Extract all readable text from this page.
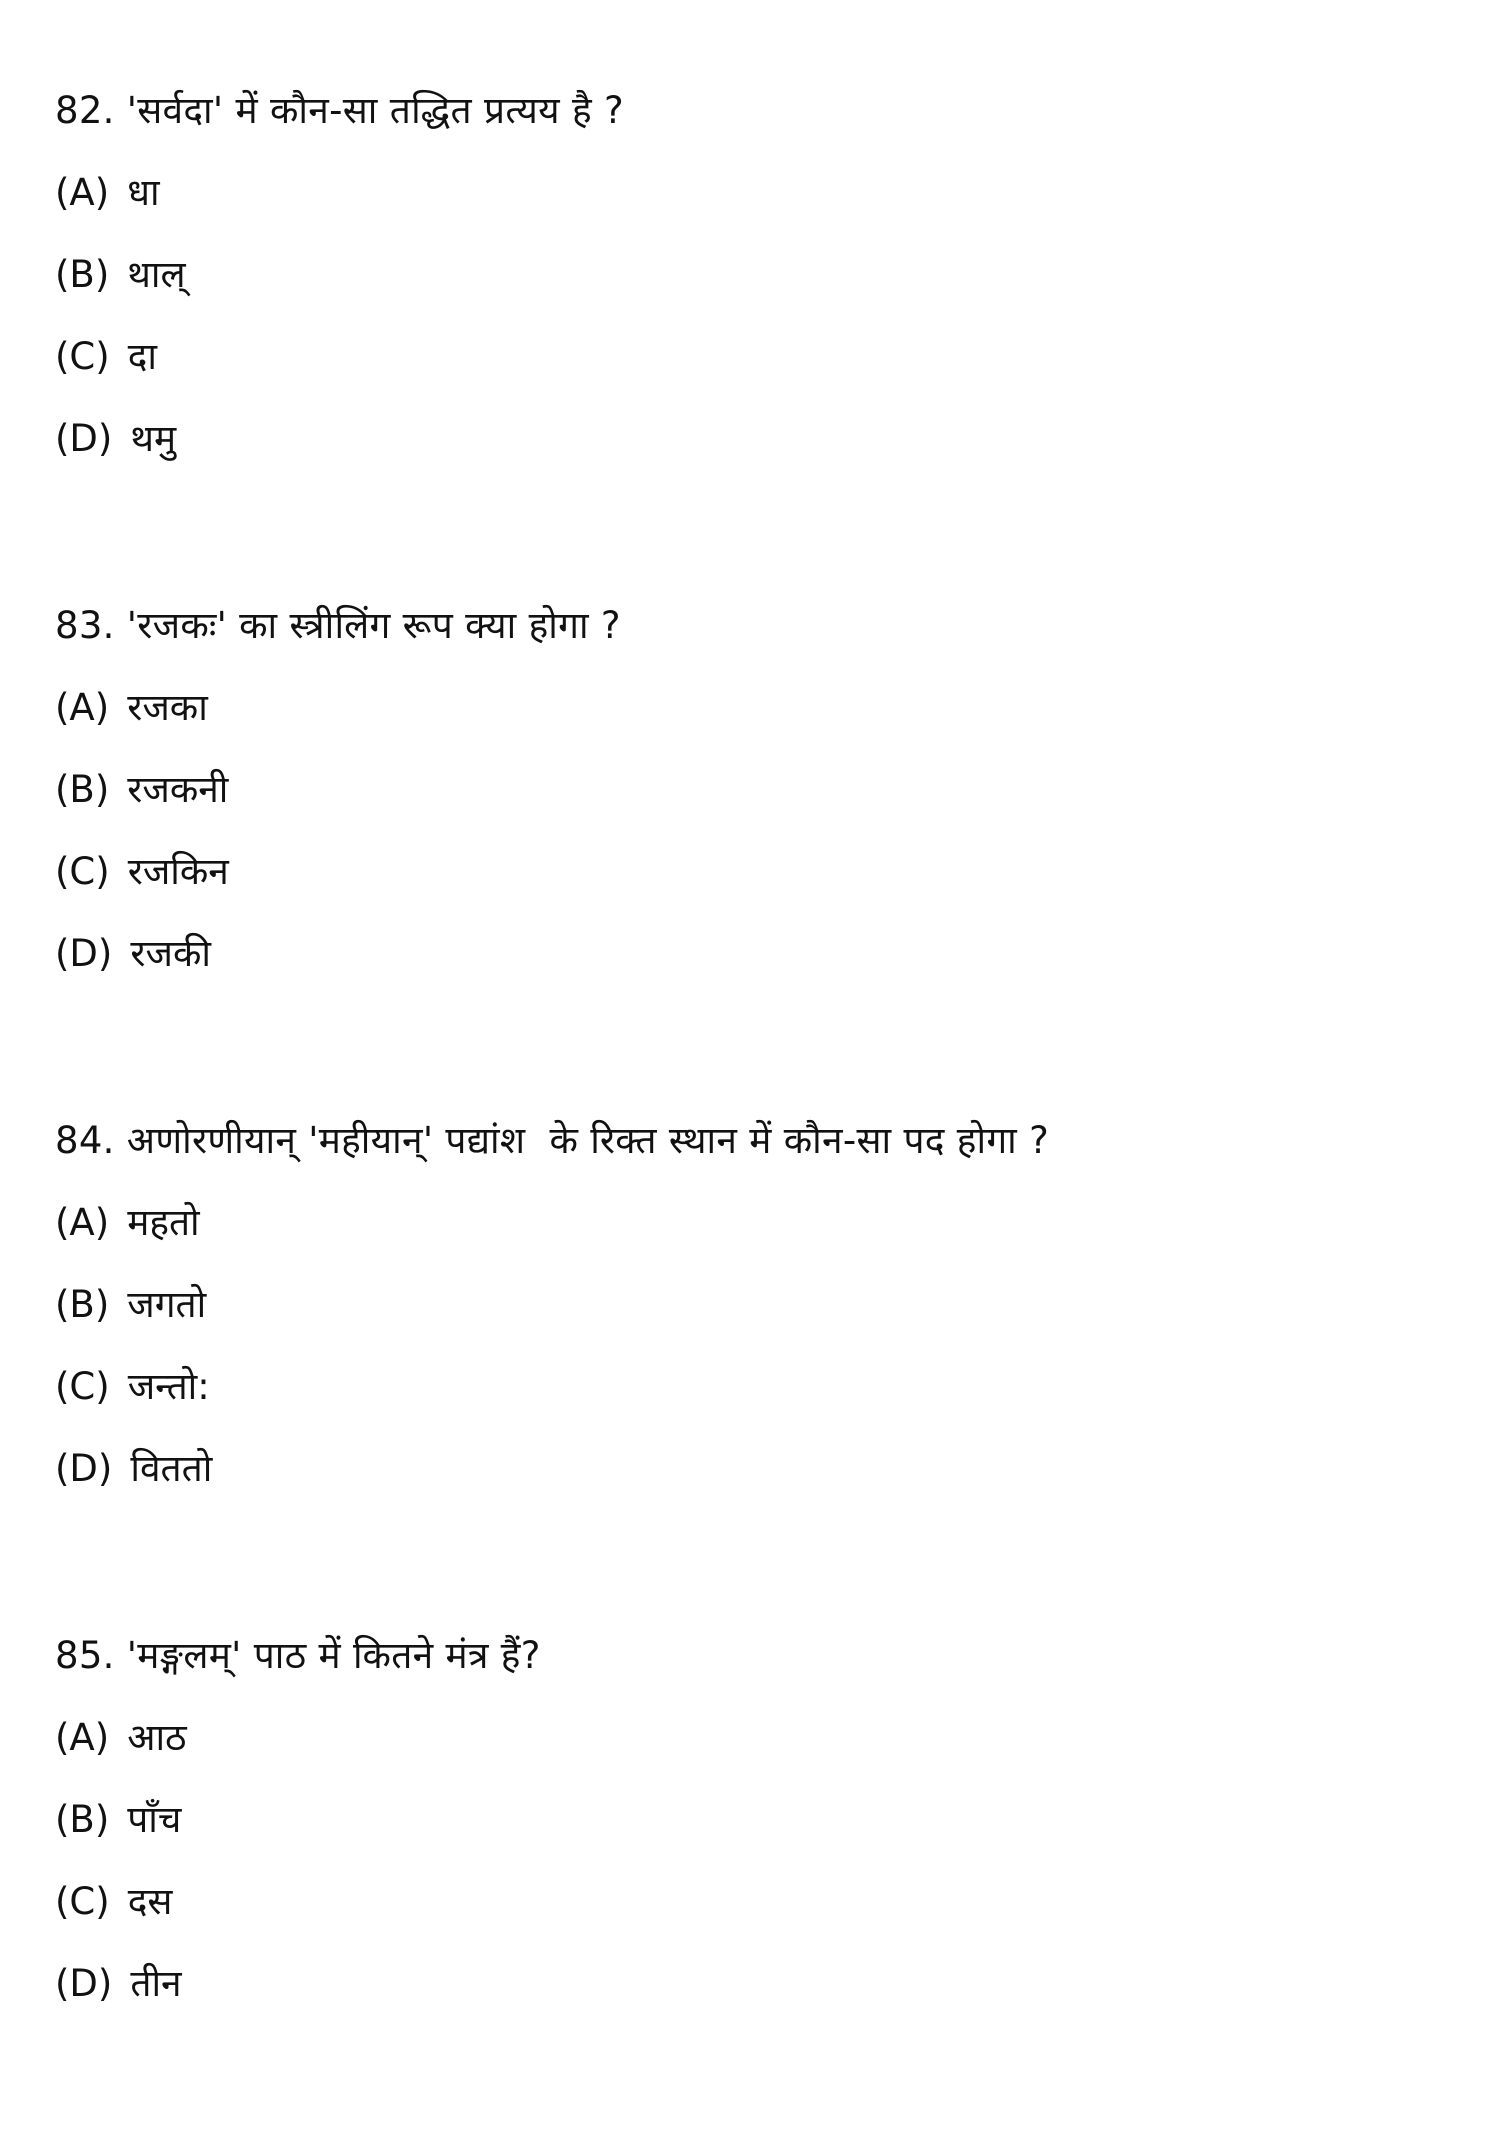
82. 'सर्वदा' में कौन-सा तद्धित प्रत्यय है ?
(A) धा
(B) थाल्
(C) दा
(D) थमु
83. 'रजकः' का स्त्रीलिंग रूप क्या होगा ?
(A) रजका
(B) रजकनी
(C) रजकिन
(D) रजकी
84. अणोरणीयान् 'महीयान्' पद्यांश  के रिक्त स्थान में कौन-सा पद होगा ?
(A) महतो
(B) जगतो
(C) जन्तो:
(D) विततो
85. 'मङ्गलम्' पाठ में कितने मंत्र हैं?
(A) आठ
(B) पाँच
(C) दस
(D) तीन
